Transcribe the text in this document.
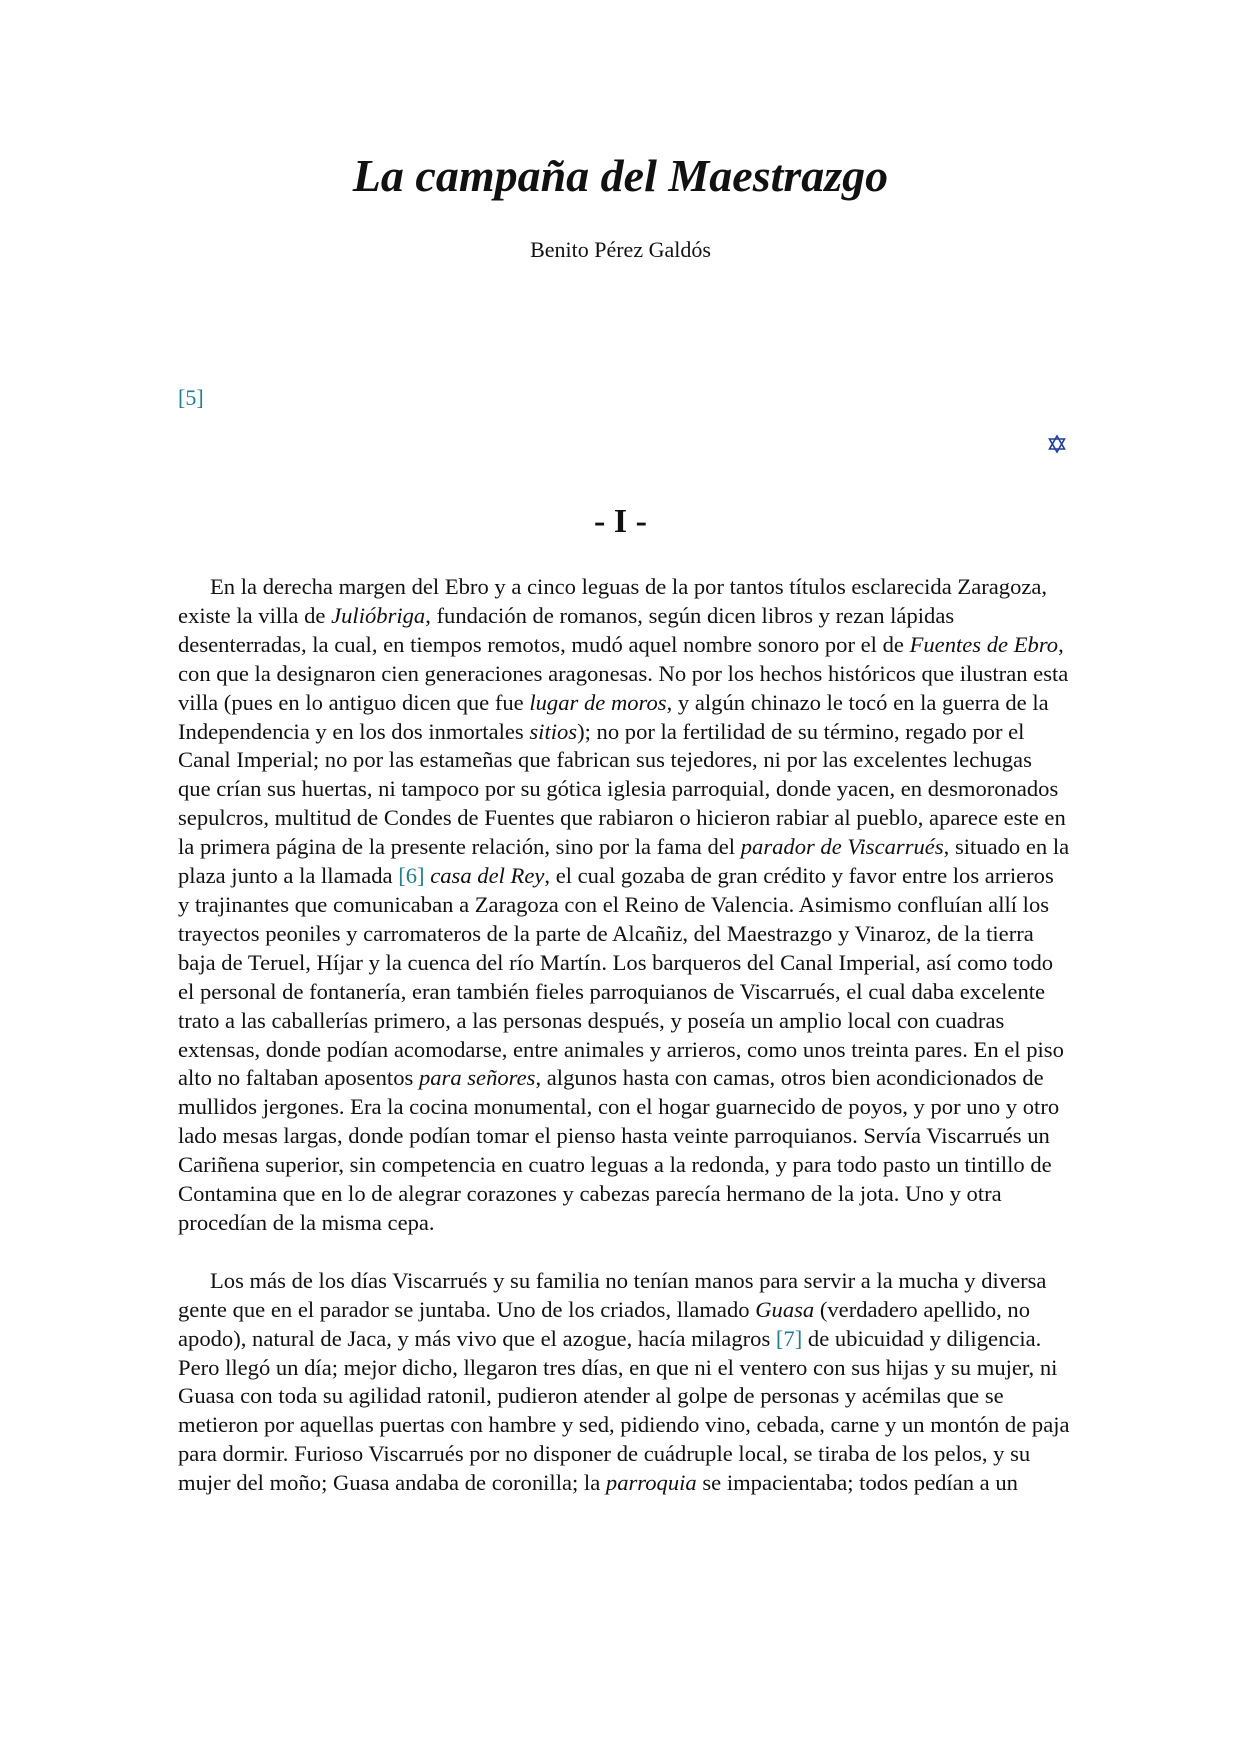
La campaña del Maestrazgo
Benito Pérez Galdós
[5]
- I -

En la derecha margen del Ebro y a cinco leguas de la por tantos títulos esclarecida Zaragoza, existe la villa de Julióbriga, fundación de romanos, según dicen libros y rezan lápidas desenterradas, la cual, en tiempos remotos, mudó aquel nombre sonoro por el de Fuentes de Ebro, con que la designaron cien generaciones aragonesas. No por los hechos históricos que ilustran esta villa (pues en lo antiguo dicen que fue lugar de moros, y algún chinazo le tocó en la guerra de la Independencia y en los dos inmortales sitios); no por la fertilidad de su término, regado por el Canal Imperial; no por las estameñas que fabrican sus tejedores, ni por las excelentes lechugas que crían sus huertas, ni tampoco por su gótica iglesia parroquial, donde yacen, en desmoronados sepulcros, multitud de Condes de Fuentes que rabiaron o hicieron rabiar al pueblo, aparece este en la primera página de la presente relación, sino por la fama del parador de Viscarrués, situado en la plaza junto a la llamada [6] casa del Rey, el cual gozaba de gran crédito y favor entre los arrieros y trajinantes que comunicaban a Zaragoza con el Reino de Valencia. Asimismo confluían allí los trayectos peoniles y carromateros de la parte de Alcañiz, del Maestrazgo y Vinaroz, de la tierra baja de Teruel, Híjar y la cuenca del río Martín. Los barqueros del Canal Imperial, así como todo el personal de fontanería, eran también fieles parroquianos de Viscarrués, el cual daba excelente trato a las caballerías primero, a las personas después, y poseía un amplio local con cuadras extensas, donde podían acomodarse, entre animales y arrieros, como unos treinta pares. En el piso alto no faltaban aposentos para señores, algunos hasta con camas, otros bien acondicionados de mullidos jergones. Era la cocina monumental, con el hogar guarnecido de poyos, y por uno y otro lado mesas largas, donde podían tomar el pienso hasta veinte parroquianos. Servía Viscarrués un Cariñena superior, sin competencia en cuatro leguas a la redonda, y para todo pasto un tintillo de Contamina que en lo de alegrar corazones y cabezas parecía hermano de la jota. Uno y otra procedían de la misma cepa.

Los más de los días Viscarrués y su familia no tenían manos para servir a la mucha y diversa gente que en el parador se juntaba. Uno de los criados, llamado Guasa (verdadero apellido, no apodo), natural de Jaca, y más vivo que el azogue, hacía milagros [7] de ubicuidad y diligencia. Pero llegó un día; mejor dicho, llegaron tres días, en que ni el ventero con sus hijas y su mujer, ni Guasa con toda su agilidad ratonil, pudieron atender al golpe de personas y acémilas que se metieron por aquellas puertas con hambre y sed, pidiendo vino, cebada, carne y un montón de paja para dormir. Furioso Viscarrués por no disponer de cuádruple local, se tiraba de los pelos, y su mujer del moño; Guasa andaba de coronilla; la parroquia se impacientaba; todos pedían a un
